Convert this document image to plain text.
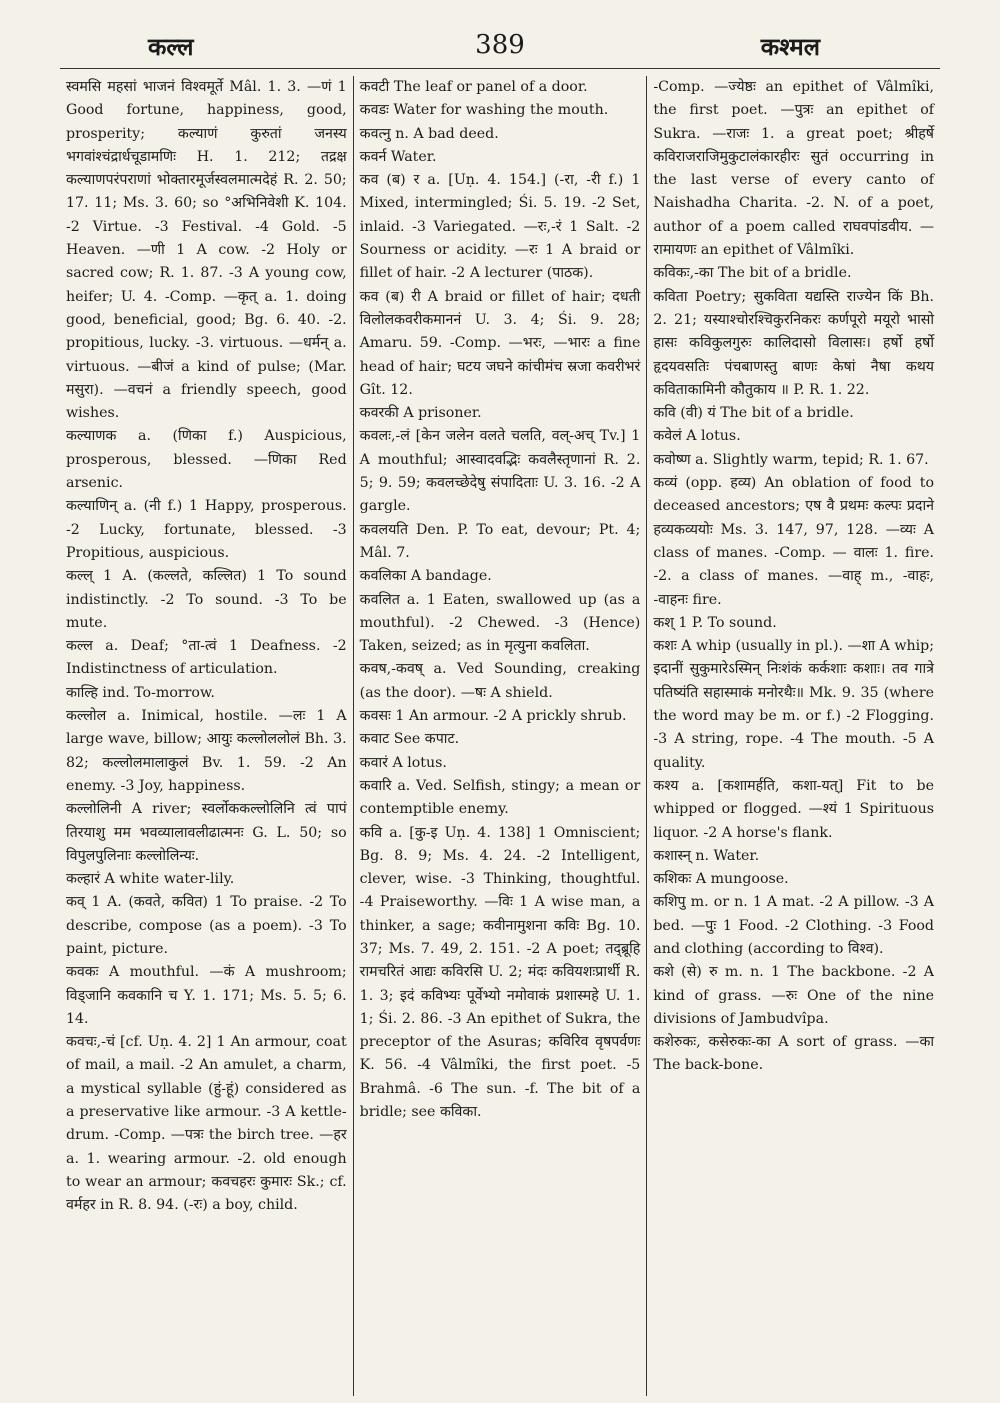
कल्ल	389	कश्मल

स्वमसि महसां भाजनं विश्वमूर्ते Mâl. 1. 3. —णं 1 Good fortune, happiness, good, prosperity; कल्याणं कुरुतां जनस्य भगवांश्चंद्रार्धचूडामणिः H. 1. 212; तद्रक्ष कल्याणपरंपराणां भोक्तारमूर्जस्वलमात्मदेहं R. 2. 50; 17. 11; Ms. 3. 60; so °अभिनिवेशी K. 104. -2 Virtue. -3 Festival. -4 Gold. -5 Heaven. —णी 1 A cow. -2 Holy or sacred cow; R. 1. 87. -3 A young cow, heifer; U. 4. -Comp. —कृत् a. 1. doing good, beneficial, good; Bg. 6. 40. -2. propitious, lucky. -3. virtuous. —धर्मन् a. virtuous. —बीजं a kind of pulse; (Mar. मसुरा). —वचनं a friendly speech, good wishes.

कल्याणक a. (णिका f.) Auspicious, prosperous, blessed. —णिका Red arsenic.

कल्याणिन् a. (नी f.) 1 Happy, prosperous. -2 Lucky, fortunate, blessed. -3 Propitious, auspicious.

कल्ल् 1 A. (कल्लते, कल्लित) 1 To sound indistinctly. -2 To sound. -3 To be mute.

कल्ल a. Deaf; °ता-त्वं 1 Deafness. -2 Indistinctness of articulation.

काल्हि ind. To-morrow.

कल्लोल a. Inimical, hostile. —लः 1 A large wave, billow; आयुः कल्लोललोलं Bh. 3. 82; कल्लोलमालाकुलं Bv. 1. 59. -2 An enemy. -3 Joy, happiness.

कल्लोलिनी A river; स्वर्लोककल्लोलिनि त्वं पापं तिरयाशु मम भवव्यालावलीढात्मनः G. L. 50; so विपुलपुलिनाः कल्लोलिन्यः.

कल्हारं A white water-lily.

कव् 1 A. (कवते, कवित) 1 To praise. -2 To describe, compose (as a poem). -3 To paint, picture.

कवकः A mouthful. —कं A mushroom; विड्जानि कवकानि च Y. 1. 171; Ms. 5. 5; 6. 14.

कवचः,-चं [cf. Uṇ. 4. 2] 1 An armour, coat of mail, a mail. -2 An amulet, a charm, a mystical syllable (हुं-हूं) considered as a preservative like armour. -3 A kettle-drum. -Comp. —पत्रः the birch tree. —हर a. 1. wearing armour. -2. old enough to wear an armour; कवचहरः कुमारः Sk.; cf. वर्महर in R. 8. 94. (-रः) a boy, child.

कवटी The leaf or panel of a door.

कवडः Water for washing the mouth.

कवत्नु n. A bad deed.

कवर्न Water.

कव (ब) र a. [Uṇ. 4. 154.] (-रा, -री f.) 1 Mixed, intermingled; Śi. 5. 19. -2 Set, inlaid. -3 Variegated. —रः,-रं 1 Salt. -2 Sourness or acidity. —रः 1 A braid or fillet of hair. -2 A lecturer (पाठक).

कव (ब) री A braid or fillet of hair; दधती विलोलकवरीकमाननं U. 3. 4; Śi. 9. 28; Amaru. 59. -Comp. —भरः, —भारः a fine head of hair; घटय जघने कांचीमंच स्रजा कवरीभरं Gît. 12.

कवरकी A prisoner.

कवलः,-लं [केन जलेन वलते चलति, वल्-अच् Tv.] 1 A mouthful; आस्वादवद्भिः कवलैस्तृणानां R. 2. 5; 9. 59; कवलच्छेदेषु संपादिताः U. 3. 16. -2 A gargle.

कवलयति Den. P. To eat, devour; Pt. 4; Mâl. 7.

कवलिका A bandage.

कवलित a. 1 Eaten, swallowed up (as a mouthful). -2 Chewed. -3 (Hence) Taken, seized; as in मृत्युना कवलिता.

कवष,-कवष् a. Ved Sounding, creaking (as the door). —षः A shield.

कवसः 1 An armour. -2 A prickly shrub.

कवाट See कपाट.

कवारं A lotus.

कवारि a. Ved. Selfish, stingy; a mean or contemptible enemy.

कवि a. [कु-इ Uṇ. 4. 138] 1 Omniscient; Bg. 8. 9; Ms. 4. 24. -2 Intelligent, clever, wise. -3 Thinking, thoughtful. -4 Praiseworthy. —विः 1 A wise man, a thinker, a sage; कवीनामुशना कविः Bg. 10. 37; Ms. 7. 49, 2. 151. -2 A poet; तद्ब्रूहि रामचरितं आद्यः कविरसि U. 2; मंदः कवियशःप्रार्थी R. 1. 3; इदं कविभ्यः पूर्वेभ्यो नमोवाकं प्रशास्महे U. 1. 1; Śi. 2. 86. -3 An epithet of Sukra, the preceptor of the Asuras; कविरिव वृषपर्वणः K. 56. -4 Vâlmîki, the first poet. -5 Brahmâ. -6 The sun. -f. The bit of a bridle; see कविका.

-Comp. —ज्येष्ठः an epithet of Vâlmîki, the first poet. —पुत्रः an epithet of Sukra. —राजः 1. a great poet; श्रीहर्षे कविराजराजिमुकुटालंकारहीरः सुतं occurring in the last verse of every canto of Naishadha Charita. -2. N. of a poet, author of a poem called राघवपांडवीय. —रामायणः an epithet of Vâlmîki.

कविकः,-का The bit of a bridle.

कविता Poetry; सुकविता यद्यस्ति राज्येन किं Bh. 2. 21; यस्याश्चोरश्चिकुरनिकरः कर्णपूरो मयूरो भासो हासः कविकुलगुरुः कालिदासो विलासः। हर्षो हर्षो हृदयवसतिः पंचबाणस्तु बाणः केषां नैषा कथय कविताकामिनी कौतुकाय ॥ P. R. 1. 22.

कवि (वी) यं The bit of a bridle.

कवेलं A lotus.

कवोष्ण a. Slightly warm, tepid; R. 1. 67.

कव्यं (opp. हव्य) An oblation of food to deceased ancestors; एष वै प्रथमः कल्पः प्रदाने हव्यकव्ययोः Ms. 3. 147, 97, 128. —व्यः A class of manes. -Comp. — वालः 1. fire. -2. a class of manes. —वाह् m., -वाहः, -वाहनः fire.

कश् 1 P. To sound.

कशः A whip (usually in pl.). —शा A whip; इदानीं सुकुमारेऽस्मिन् निःशंकं कर्कशाः कशाः। तव गात्रे पतिष्यंति सहास्माकं मनोरथैः॥ Mk. 9. 35 (where the word may be m. or f.) -2 Flogging. -3 A string, rope. -4 The mouth. -5 A quality.

कश्य a. [कशामर्हति, कशा-यत्] Fit to be whipped or flogged. —श्यं 1 Spirituous liquor. -2 A horse's flank.

कशास्न् n. Water.

कशिकः A mungoose.

कशिपु m. or n. 1 A mat. -2 A pillow. -3 A bed. —पुः 1 Food. -2 Clothing. -3 Food and clothing (according to विश्व).

कशे (से) रु m. n. 1 The backbone. -2 A kind of grass. —रुः One of the nine divisions of Jambudvîpa.

कशेरुकः, कसेरुकः-का A sort of grass. —का The back-bone.
